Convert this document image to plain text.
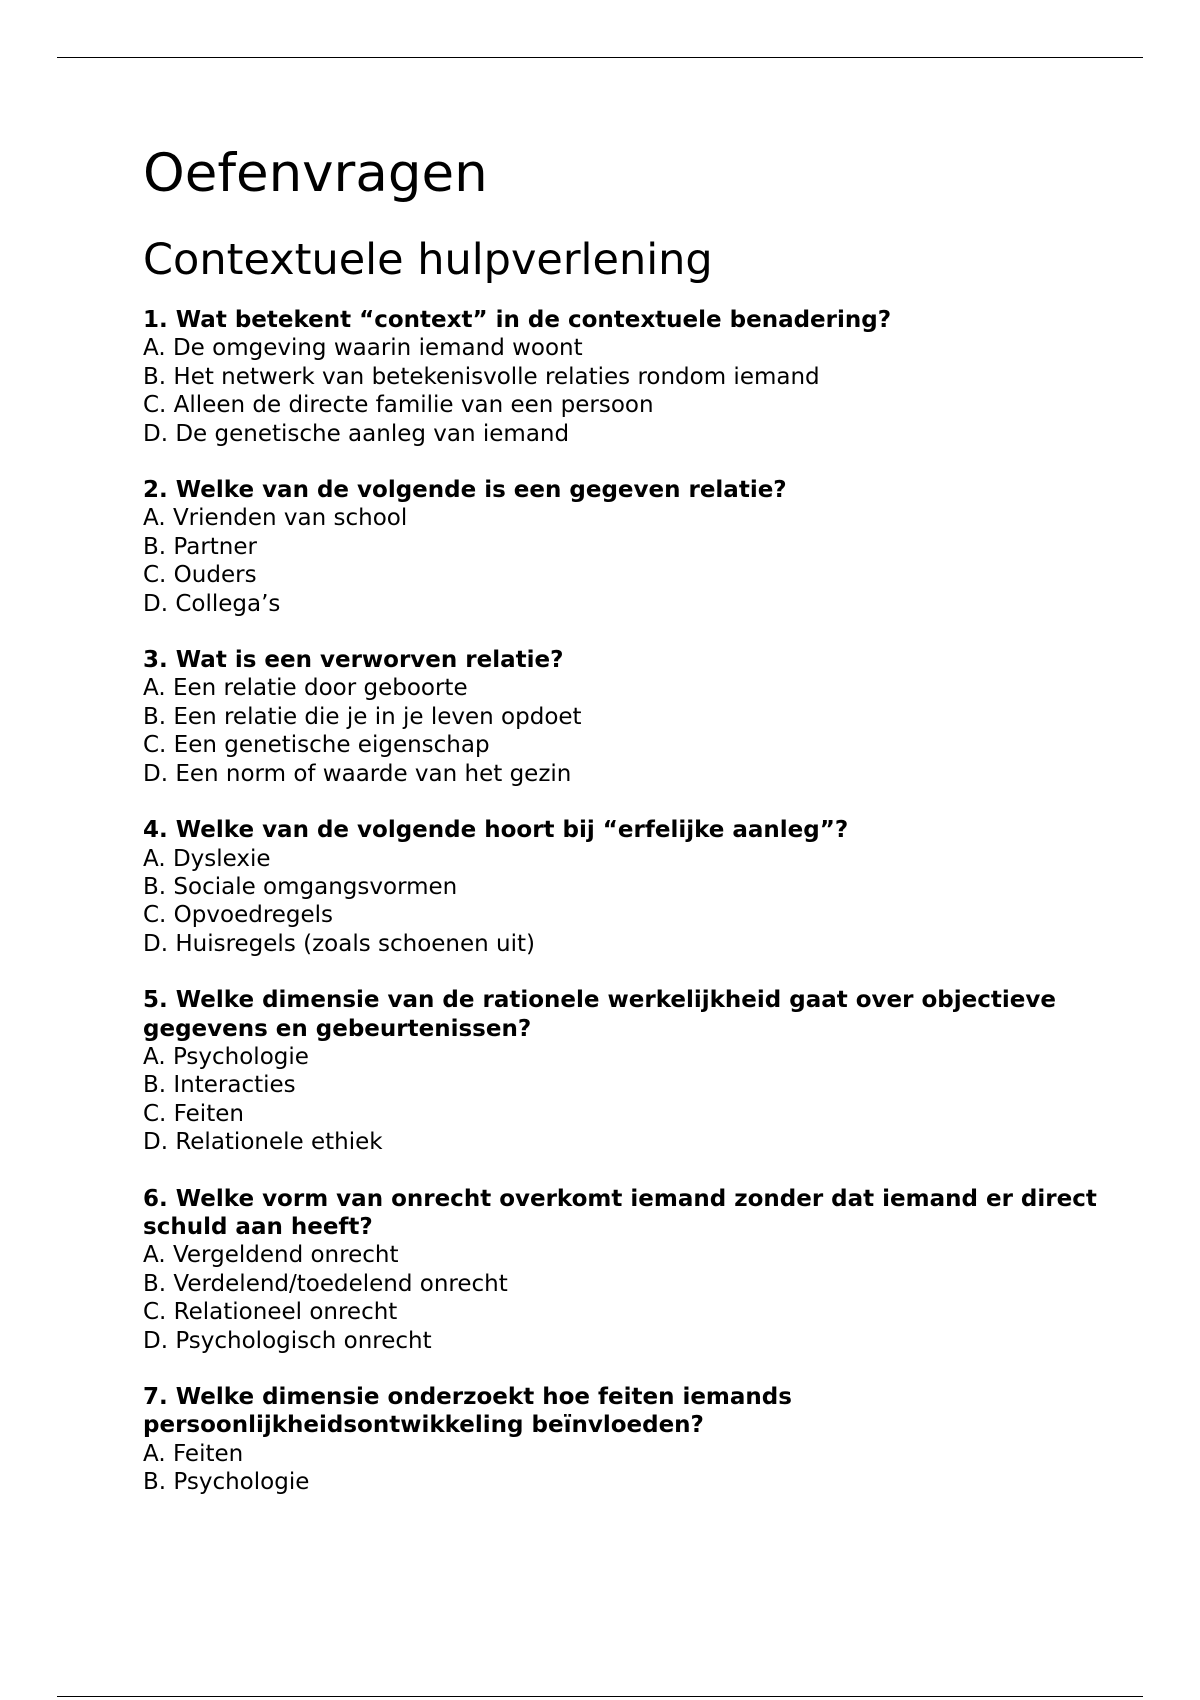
Oefenvragen
Contextuele hulpverlening

1. Wat betekent “context” in de contextuele benadering?

A. De omgeving waarin iemand woont
B. Het netwerk van betekenisvolle relaties rondom iemand
C. Alleen de directe familie van een persoon
D. De genetische aanleg van iemand

2. Welke van de volgende is een gegeven relatie?

A. Vrienden van school
B. Partner
C. Ouders
D. Collega’s

3. Wat is een verworven relatie?

A. Een relatie door geboorte
B. Een relatie die je in je leven opdoet
C. Een genetische eigenschap
D. Een norm of waarde van het gezin

4. Welke van de volgende hoort bij “erfelijke aanleg”?

A. Dyslexie
B. Sociale omgangsvormen
C. Opvoedregels
D. Huisregels (zoals schoenen uit)

5. Welke dimensie van de rationele werkelijkheid gaat over objectieve gegevens en gebeurtenissen?

A. Psychologie
B. Interacties
C. Feiten
D. Relationele ethiek

6. Welke vorm van onrecht overkomt iemand zonder dat iemand er direct schuld aan heeft?

A. Vergeldend onrecht
B. Verdelend/toedelend onrecht
C. Relationeel onrecht
D. Psychologisch onrecht

7. Welke dimensie onderzoekt hoe feiten iemands persoonlijkheidsontwikkeling beïnvloeden?

A. Feiten
B. Psychologie
